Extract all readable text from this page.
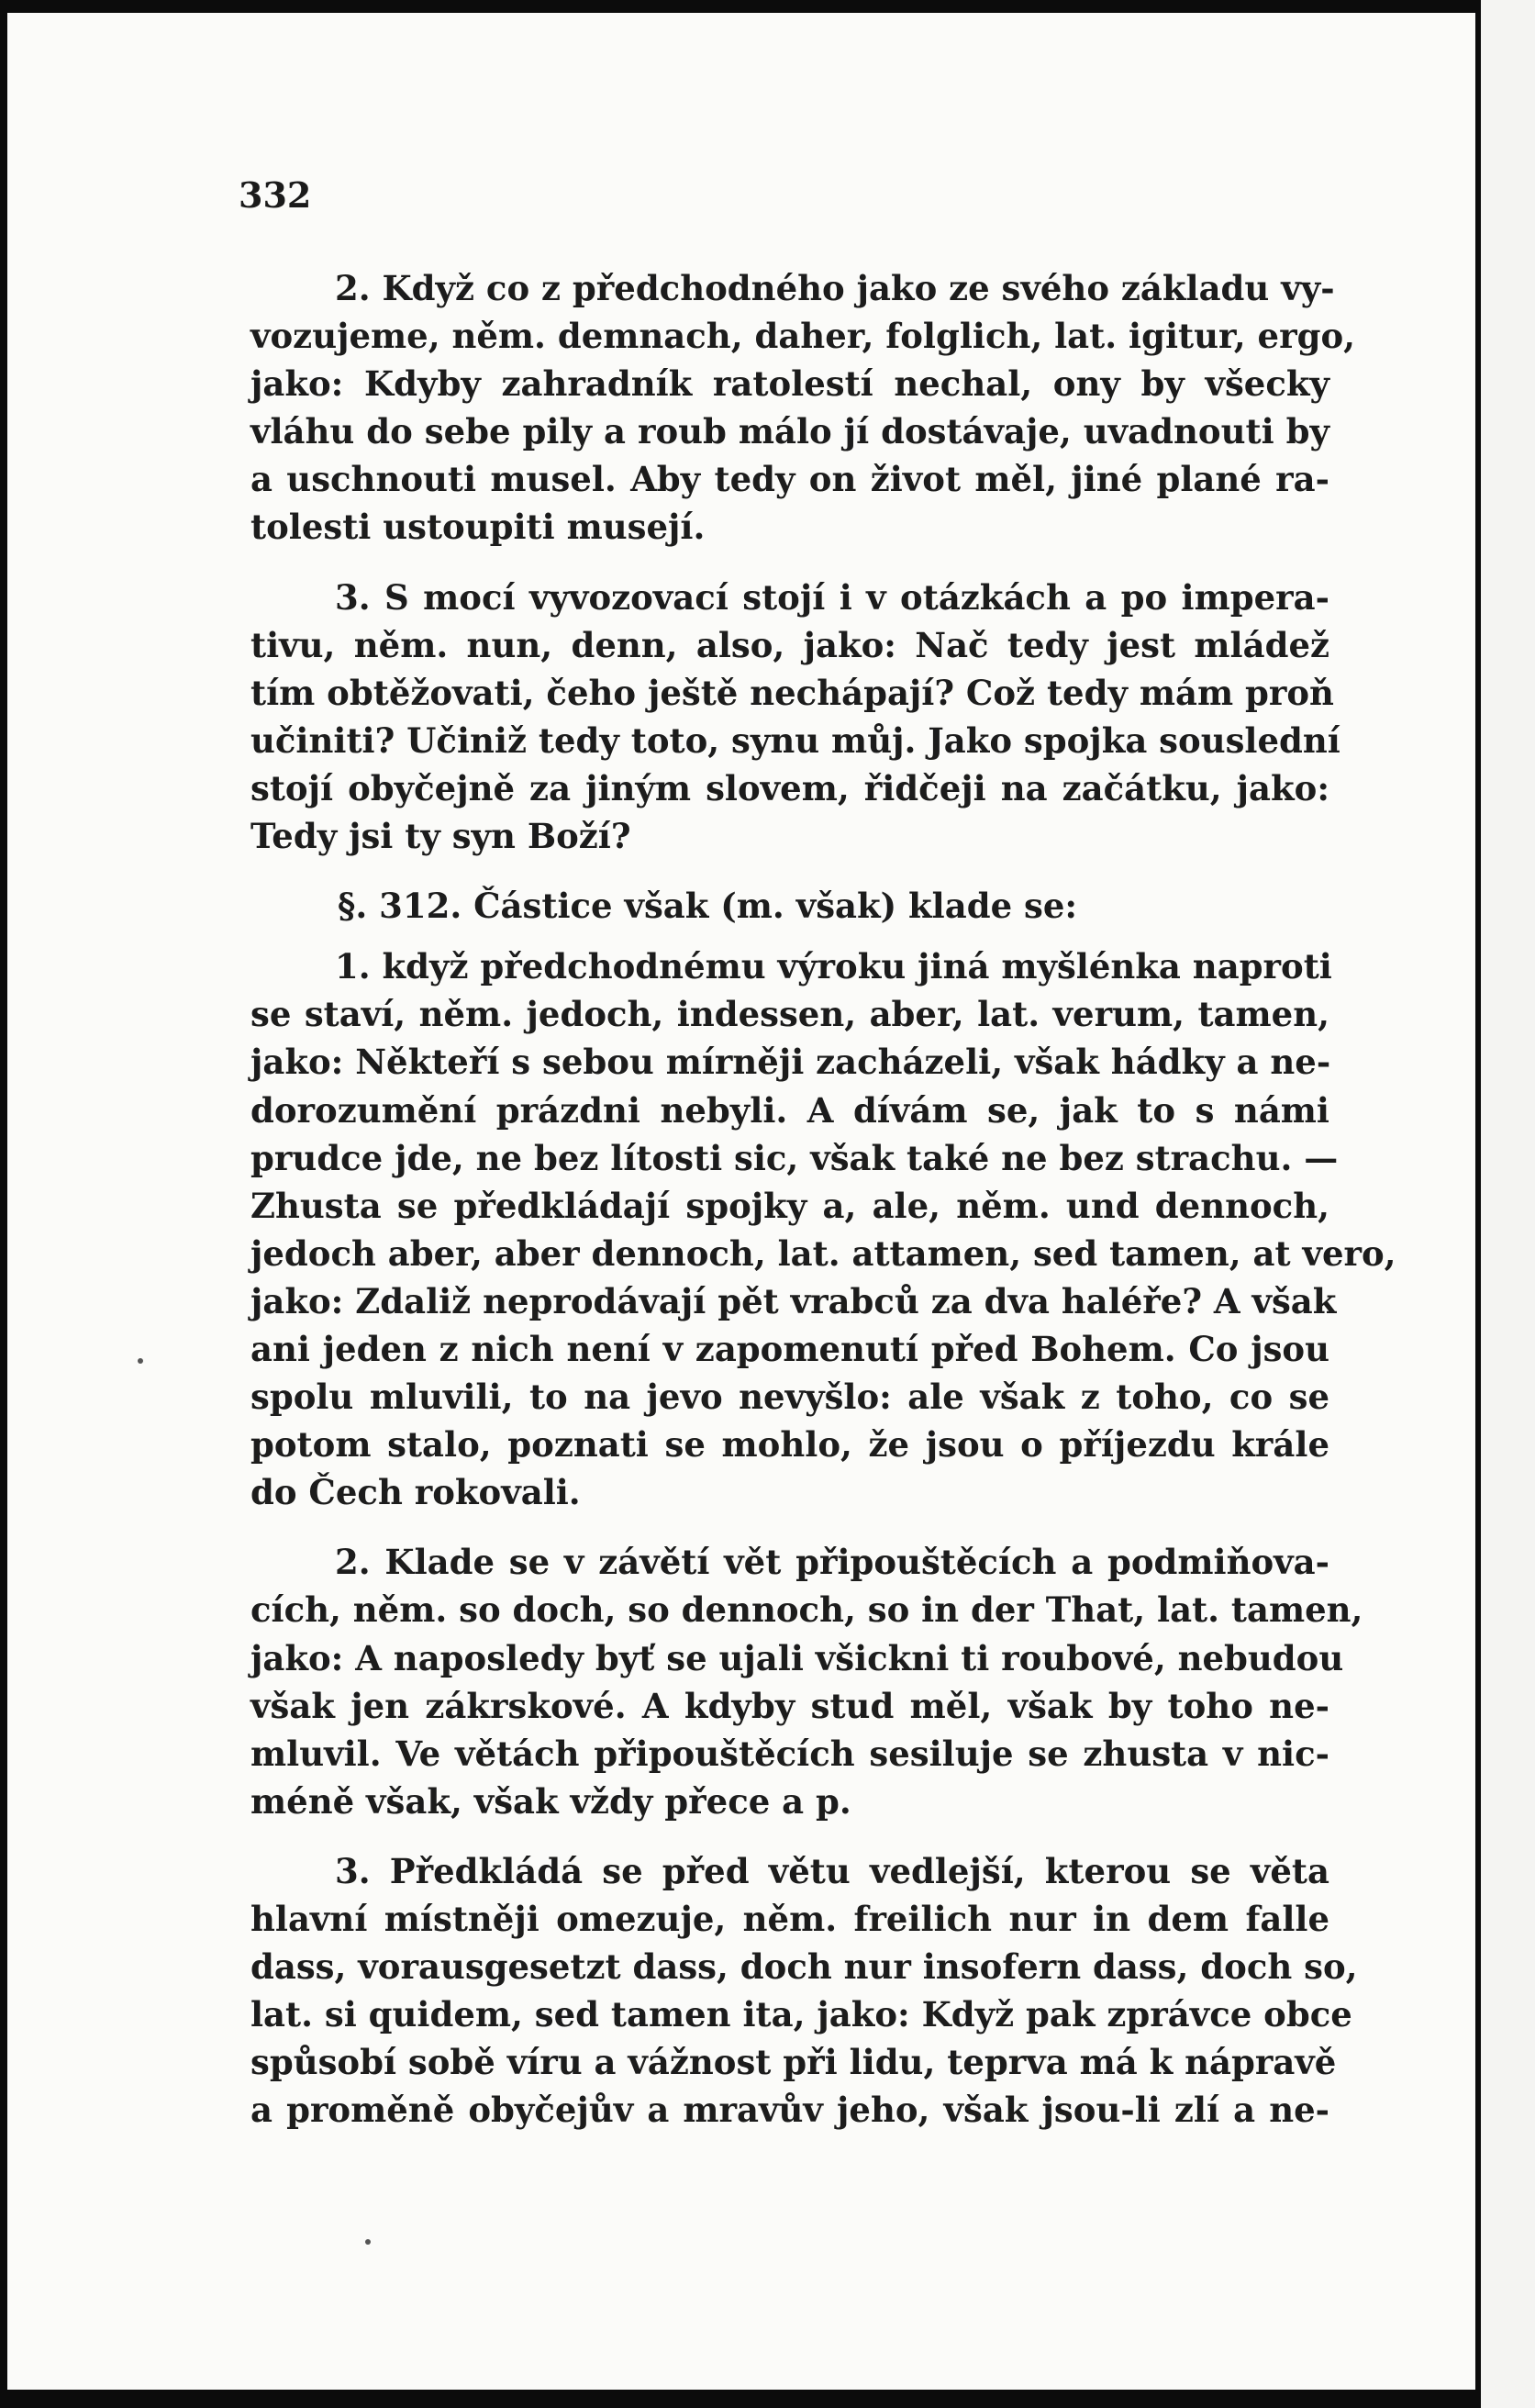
332
2. Když co z předchodného jako ze svého základu vy-
vozujeme, něm. demnach, daher, folglich, lat. igitur, ergo,
jako: Kdyby zahradník ratolestí nechal, ony by všecky
vláhu do sebe pily a roub málo jí dostávaje, uvadnouti by
a uschnouti musel. Aby tedy on život měl, jiné plané ra-
tolesti ustoupiti musejí.
3. S mocí vyvozovací stojí i v otázkách a po impera-
tivu, něm. nun, denn, also, jako: Nač tedy jest mládež
tím obtěžovati, čeho ještě nechápají? Což tedy mám proň
učiniti? Učiniž tedy toto, synu můj. Jako spojka souslední
stojí obyčejně za jiným slovem, řidčeji na začátku, jako:
Tedy jsi ty syn Boží?
§. 312. Částice však (m. však) klade se:
1. když předchodnému výroku jiná myšlénka naproti
se staví, něm. jedoch, indessen, aber, lat. verum, tamen,
jako: Někteří s sebou mírněji zacházeli, však hádky a ne-
dorozumění prázdni nebyli. A dívám se, jak to s námi
prudce jde, ne bez lítosti sic, však také ne bez strachu. —
Zhusta se předkládají spojky a, ale, něm. und dennoch,
jedoch aber, aber dennoch, lat. attamen, sed tamen, at vero,
jako: Zdaliž neprodávají pět vrabců za dva haléře? A však
ani jeden z nich není v zapomenutí před Bohem. Co jsou
spolu mluvili, to na jevo nevyšlo: ale však z toho, co se
potom stalo, poznati se mohlo, že jsou o příjezdu krále
do Čech rokovali.
2. Klade se v závětí vět připouštěcích a podmiňova-
cích, něm. so doch, so dennoch, so in der That, lat. tamen,
jako: A naposledy byť se ujali všickni ti roubové, nebudou
však jen zákrskové. A kdyby stud měl, však by toho ne-
mluvil. Ve větách připouštěcích sesiluje se zhusta v nic-
méně však, však vždy přece a p.
3. Předkládá se před větu vedlejší, kterou se věta
hlavní místněji omezuje, něm. freilich nur in dem falle
dass, vorausgesetzt dass, doch nur insofern dass, doch so,
lat. si quidem, sed tamen ita, jako: Když pak zprávce obce
spůsobí sobě víru a vážnost při lidu, teprva má k nápravě
a proměně obyčejův a mravův jeho, však jsou-li zlí a ne-
